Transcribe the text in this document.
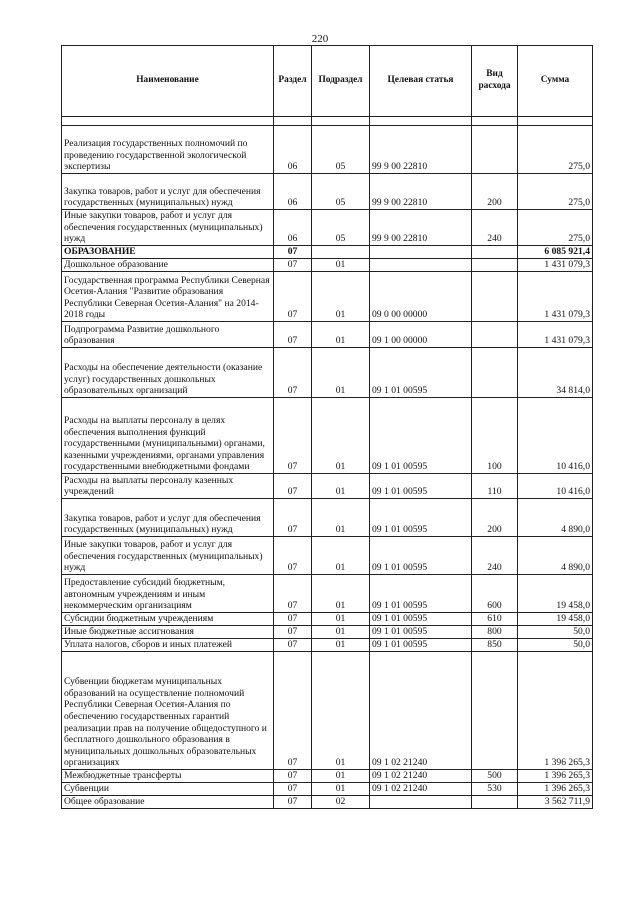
220
Наименование	Раздел	Подраздел	Целевая статья	Вид расхода	Сумма

Реализация государственных полномочий по проведению государственной экологической экспертизы	06	05	99 9 00 22810		275,0
Закупка товаров, работ и услуг для обеспечения государственных (муниципальных) нужд	06	05	99 9 00 22810	200	275,0
Иные закупки товаров, работ и услуг для обеспечения государственных (муниципальных) нужд	06	05	99 9 00 22810	240	275,0
ОБРАЗОВАНИЕ	07				6 085 921,4
Дошкольное образование	07	01			1 431 079,3
Государственная программа Республики Северная Осетия-Алания "Развитие образования Республики Северная Осетия-Алания" на 2014-2018 годы	07	01	09 0 00 00000		1 431 079,3
Подпрограмма Развитие дошкольного образования	07	01	09 1 00 00000		1 431 079,3
Расходы на обеспечение деятельности (оказание услуг) государственных дошкольных образовательных организаций	07	01	09 1 01 00595		34 814,0
Расходы на выплаты персоналу в целях обеспечения выполнения функций государственными (муниципальными) органами, казенными учреждениями, органами управления государственными внебюджетными фондами	07	01	09 1 01 00595	100	10 416,0
Расходы на выплаты персоналу казенных учреждений	07	01	09 1 01 00595	110	10 416,0
Закупка товаров, работ и услуг для обеспечения государственных (муниципальных) нужд	07	01	09 1 01 00595	200	4 890,0
Иные закупки товаров, работ и услуг для обеспечения государственных (муниципальных) нужд	07	01	09 1 01 00595	240	4 890,0
Предоставление субсидий бюджетным, автономным учреждениям и иным некоммерческим организациям	07	01	09 1 01 00595	600	19 458,0
Субсидии бюджетным учреждениям	07	01	09 1 01 00595	610	19 458,0
Иные бюджетные ассигнования	07	01	09 1 01 00595	800	50,0
Уплата налогов, сборов и иных платежей	07	01	09 1 01 00595	850	50,0
Субвенции бюджетам муниципальных образований на осуществление полномочий Республики Северная Осетия-Алания по обеспечению государственных гарантий реализации прав на получение общедоступного и бесплатного дошкольного образования в муниципальных дошкольных образовательных организациях	07	01	09 1 02 21240		1 396 265,3
Межбюджетные трансферты	07	01	09 1 02 21240	500	1 396 265,3
Субвенции	07	01	09 1 02 21240	530	1 396 265,3
Общее образование	07	02			3 562 711,9
